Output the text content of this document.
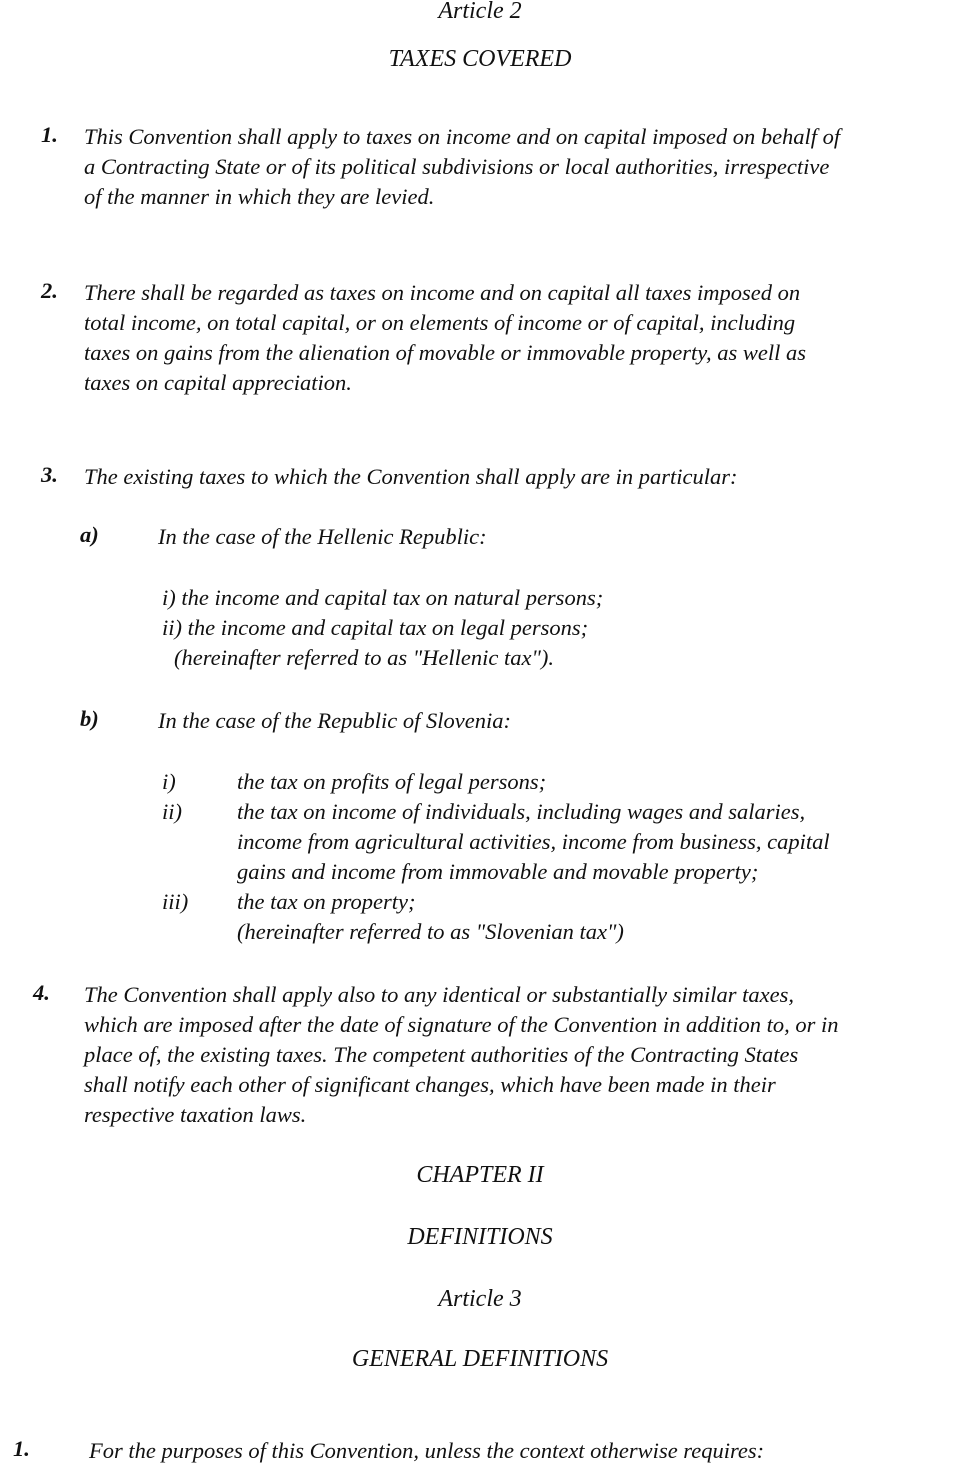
Article 2
TAXES COVERED
1. This Convention shall apply to taxes on income and on capital imposed on behalf of
a Contracting State or of its political subdivisions or local authorities, irrespective
of the manner in which they are levied.
2. There shall be regarded as taxes on income and on capital all taxes imposed on
total income, on total capital, or on elements of income or of capital, including
taxes on gains from the alienation of movable or immovable property, as well as
taxes on capital appreciation.
3. The existing taxes to which the Convention shall apply are in particular:
a)	In the case of the Hellenic Republic:
i) the income and capital tax on natural persons;
ii) the income and capital tax on legal persons;
(hereinafter referred to as "Hellenic tax").
b)	In the case of the Republic of Slovenia:
i)	the tax on profits of legal persons;
ii) the tax on income of individuals, including wages and salaries,
income from agricultural activities, income from business, capital
gains and income from immovable and movable property;
iii) the tax on property;
(hereinafter referred to as "Slovenian tax")
4. The Convention shall apply also to any identical or substantially similar taxes,
which are imposed after the date of signature of the Convention in addition to, or in
place of, the existing taxes. The competent authorities of the Contracting States
shall notify each other of significant changes, which have been made in their
respective taxation laws.
CHAPTER II
DEFINITIONS
Article 3
GENERAL DEFINITIONS
1.	For the purposes of this Convention, unless the context otherwise requires:
